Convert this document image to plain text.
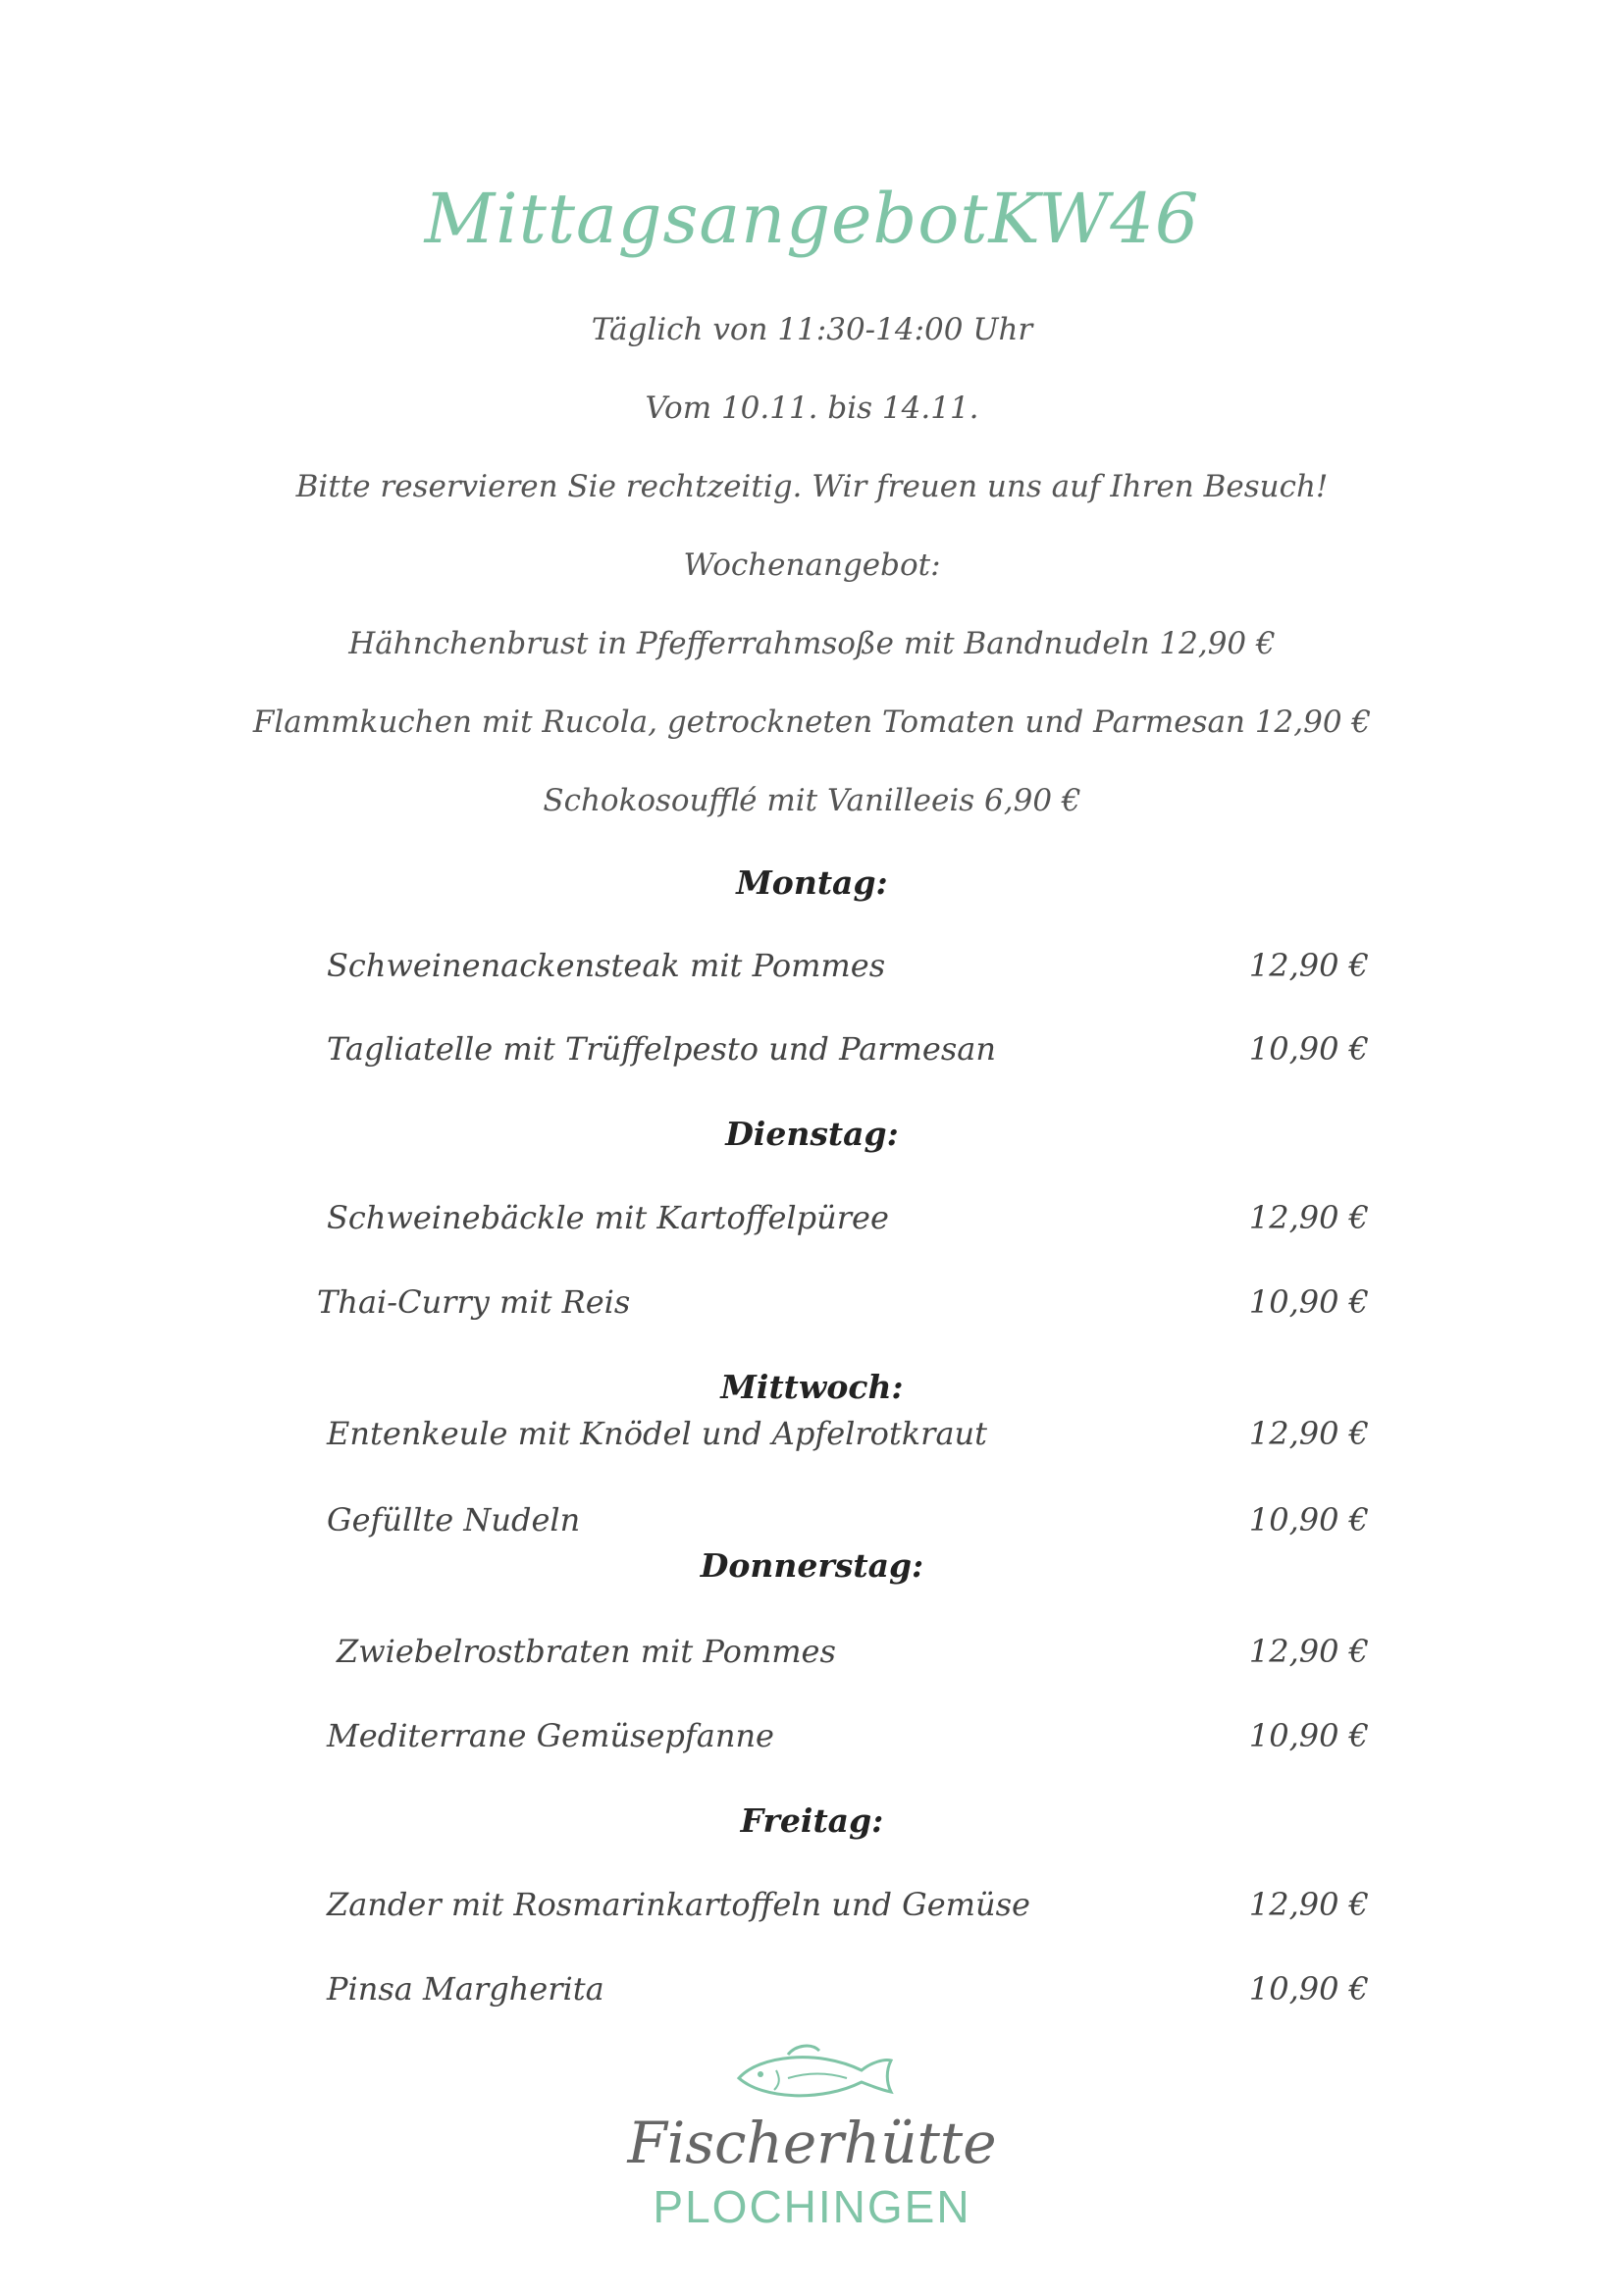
MittagsangebotKW46
Täglich von 11:30-14:00 Uhr
Vom 10.11. bis 14.11.
Bitte reservieren Sie rechtzeitig. Wir freuen uns auf Ihren Besuch!
Wochenangebot:
Hähnchenbrust in Pfefferrahmsoße mit Bandnudeln 12,90 €
Flammkuchen mit Rucola, getrockneten Tomaten und Parmesan 12,90 €
Schokosoufflé mit Vanilleeis 6,90 €
Montag:
Schweinenackensteak mit Pommes	12,90 €
Tagliatelle mit Trüffelpesto und Parmesan	10,90 €
Dienstag:
Schweinebäckle mit Kartoffelpüree	12,90 €
Thai-Curry mit Reis	10,90 €
Mittwoch:
Entenkeule mit Knödel und Apfelrotkraut	12,90 €
Gefüllte Nudeln	10,90 €
Donnerstag:
Zwiebelrostbraten mit Pommes	12,90 €
Mediterrane Gemüsepfanne	10,90 €
Freitag:
Zander mit Rosmarinkartoffeln und Gemüse	12,90 €
Pinsa Margherita	10,90 €
Fischerhütte
PLOCHINGEN
